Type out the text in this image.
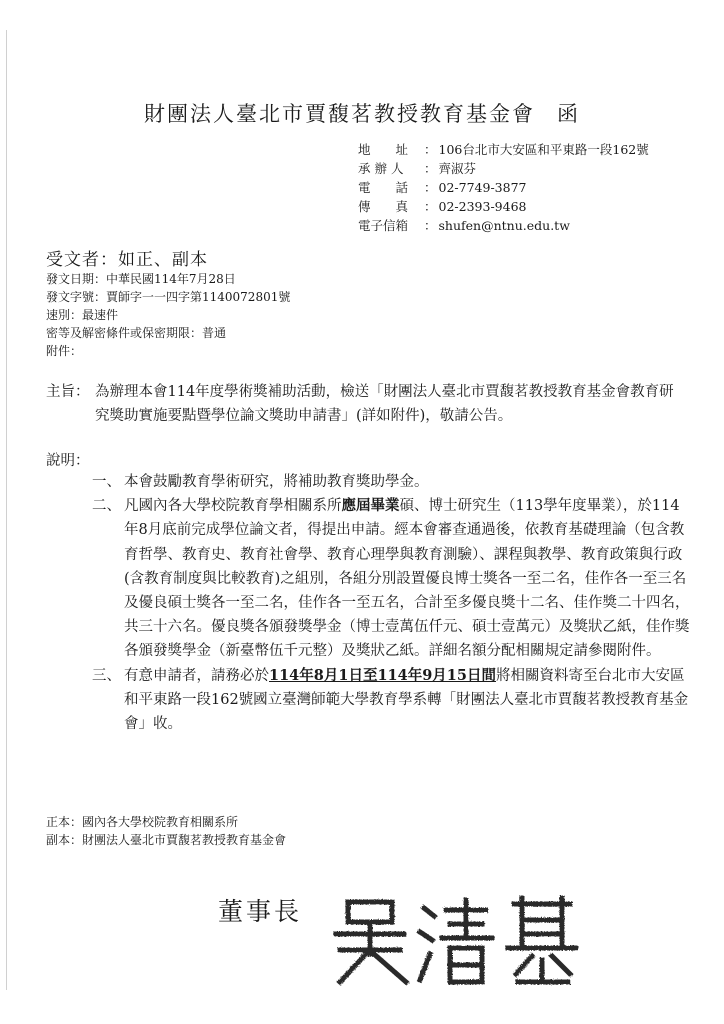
財團法人臺北市賈馥茗教授教育基金會 函
地　　址	： 106台北市大安區和平東路一段162號
承 辦 人	： 齊淑芬
電　　話	： 02-7749-3877
傳　　真	： 02-2393-9468
電子信箱	： shufen@ntnu.edu.tw
受文者：如正、副本
發文日期：中華民國114年7月28日
發文字號：賈師字一一四字第1140072801號
速別：最速件
密等及解密條件或保密期限：普通
附件：
主旨： 為辦理本會114年度學術獎補助活動，檢送「財團法人臺北市賈馥茗教授教育基金會教育研究獎助實施要點暨學位論文獎助申請書」(詳如附件)，敬請公告。
說明：
一、 本會鼓勵教育學術研究，將補助教育獎助學金。
二、 凡國內各大學校院教育學相關系所應屆畢業碩、博士研究生（113學年度畢業），於114年8月底前完成學位論文者，得提出申請。經本會審查通過後，依教育基礎理論（包含教育哲學、教育史、教育社會學、教育心理學與教育測驗）、課程與教學、教育政策與行政(含教育制度與比較教育)之組別，各組分別設置優良博士獎各一至二名，佳作各一至三名及優良碩士獎各一至二名，佳作各一至五名，合計至多優良獎十二名、佳作獎二十四名，共三十六名。優良獎各頒發獎學金（博士壹萬伍仟元、碩士壹萬元）及獎狀乙紙，佳作獎各頒發獎學金（新臺幣伍千元整）及獎狀乙紙。詳細名額分配相關規定請參閱附件。
三、 有意申請者，請務必於114年8月1日至114年9月15日間將相關資料寄至台北市大安區和平東路一段162號國立臺灣師範大學教育學系轉「財團法人臺北市賈馥茗教授教育基金會」收。
正本：國內各大學校院教育相關系所
副本：財團法人臺北市賈馥茗教授教育基金會
董事長
